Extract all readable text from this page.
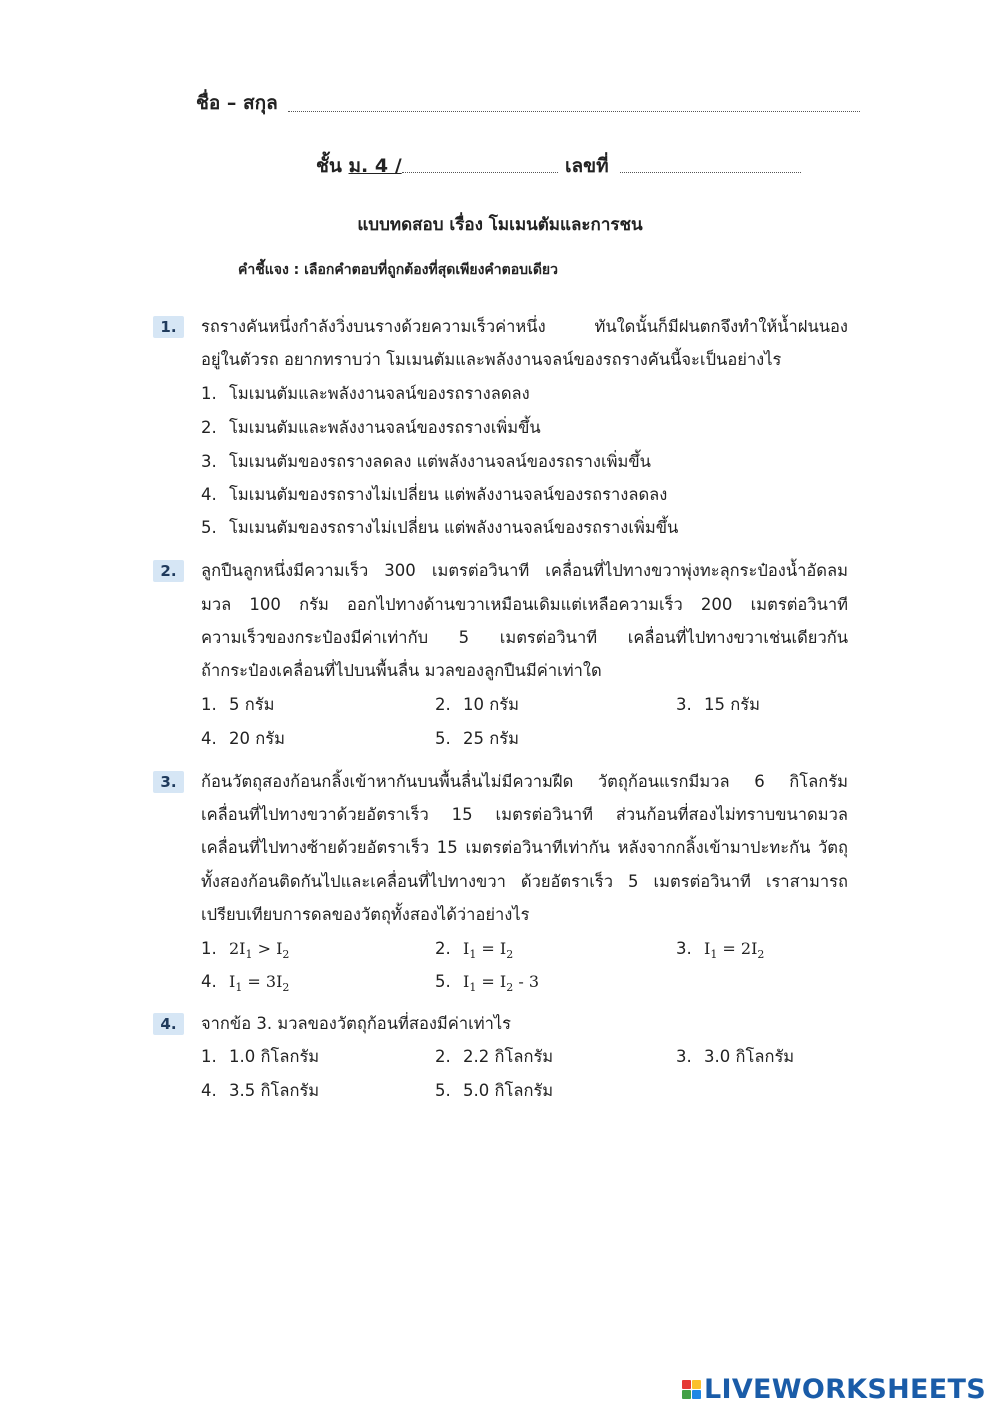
ชื่อ – สกุล
ชั้น ม. 4 /	เลขที่
แบบทดสอบ เรื่อง โมเมนตัมและการชน
คำชี้แจง : เลือกคำตอบที่ถูกต้องที่สุดเพียงคำตอบเดียว
1.	รถรางคันหนึ่งกำลังวิ่งบนรางด้วยความเร็วค่าหนึ่ง ทันใดนั้นก็มีฝนตกจึงทำให้น้ำฝนนอง
อยู่ในตัวรถ อยากทราบว่า โมเมนตัมและพลังงานจลน์ของรถรางคันนี้จะเป็นอย่างไร
1. โมเมนตัมและพลังงานจลน์ของรถรางลดลง
2. โมเมนตัมและพลังงานจลน์ของรถรางเพิ่มขึ้น
3. โมเมนตัมของรถรางลดลง แต่พลังงานจลน์ของรถรางเพิ่มขึ้น
4. โมเมนตัมของรถรางไม่เปลี่ยน แต่พลังงานจลน์ของรถรางลดลง
5. โมเมนตัมของรถรางไม่เปลี่ยน แต่พลังงานจลน์ของรถรางเพิ่มขึ้น
2.	ลูกปืนลูกหนึ่งมีความเร็ว 300 เมตรต่อวินาที เคลื่อนที่ไปทางขวาพุ่งทะลุกระป๋องน้ำอัดลม
มวล 100 กรัม ออกไปทางด้านขวาเหมือนเดิมแต่เหลือความเร็ว 200 เมตรต่อวินาที
ความเร็วของกระป๋องมีค่าเท่ากับ 5 เมตรต่อวินาที เคลื่อนที่ไปทางขวาเช่นเดียวกัน
ถ้ากระป๋องเคลื่อนที่ไปบนพื้นลื่น มวลของลูกปืนมีค่าเท่าใด
1. 5 กรัม	2. 10 กรัม	3. 15 กรัม
4. 20 กรัม	5. 25 กรัม
3.	ก้อนวัตถุสองก้อนกลิ้งเข้าหากันบนพื้นลื่นไม่มีความฝืด วัตถุก้อนแรกมีมวล 6 กิโลกรัม
เคลื่อนที่ไปทางขวาด้วยอัตราเร็ว 15 เมตรต่อวินาที ส่วนก้อนที่สองไม่ทราบขนาดมวล
เคลื่อนที่ไปทางซ้ายด้วยอัตราเร็ว 15 เมตรต่อวินาทีเท่ากัน หลังจากกลิ้งเข้ามาปะทะกัน วัตถุ
ทั้งสองก้อนติดกันไปและเคลื่อนที่ไปทางขวา ด้วยอัตราเร็ว 5 เมตรต่อวินาที เราสามารถ
เปรียบเทียบการดลของวัตถุทั้งสองได้ว่าอย่างไร
1. $2I_1 > I_2$	2. $I_1 = I_2$	3. $I_1 = 2I_2$
4. $I_1 = 3I_2$	5. $I_1 = I_2 - 3$
4.	จากข้อ 3. มวลของวัตถุก้อนที่สองมีค่าเท่าไร
1. 1.0 กิโลกรัม	2. 2.2 กิโลกรัม	3. 3.0 กิโลกรัม
4. 3.5 กิโลกรัม	5. 5.0 กิโลกรัม
LIVEWORKSHEETS
